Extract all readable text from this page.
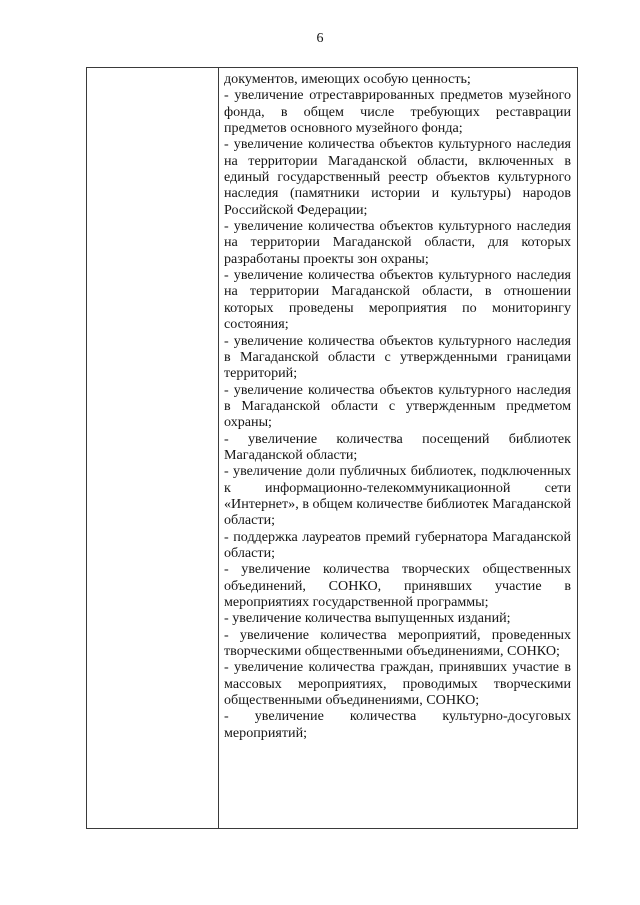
6

документов, имеющих особую ценность;

- увеличение отреставрированных предметов музейного фонда, в общем числе требующих реставрации предметов основного музейного фонда;

- увеличение количества объектов культурного наследия на территории Магаданской области, включенных в единый государственный реестр объектов культурного наследия (памятники истории и культуры) народов Российской Федерации;

- увеличение количества объектов культурного наследия на территории Магаданской области, для которых разработаны проекты зон охраны;

- увеличение количества объектов культурного наследия на территории Магаданской области, в отношении которых проведены мероприятия по мониторингу состояния;

- увеличение количества объектов культурного наследия в Магаданской области с утвержденными границами территорий;

- увеличение количества объектов культурного наследия в Магаданской области с утвержденным предметом охраны;

- увеличение количества посещений библиотек Магаданской области;

- увеличение доли публичных библиотек, подключенных к информационно-телекоммуникационной сети «Интернет», в общем количестве библиотек Магаданской области;

- поддержка лауреатов премий губернатора Магаданской области;

- увеличение количества творческих общественных объединений, СОНКО, принявших участие в мероприятиях государственной программы;

- увеличение количества выпущенных изданий;

- увеличение количества мероприятий, проведенных творческими общественными объединениями, СОНКО;

- увеличение количества граждан, принявших участие в массовых мероприятиях, проводимых творческими общественными объединениями, СОНКО;

- увеличение количества культурно-досуговых мероприятий;
